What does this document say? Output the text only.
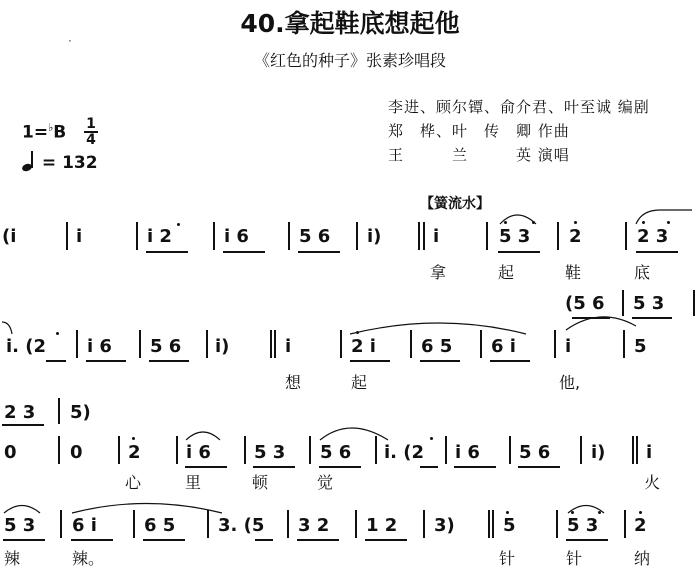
40.拿起鞋底想起他
《红色的种子》张素珍唱段
·
李进、顾尔镡、俞介君、叶至诚 编剧
郑　桦、叶　传　卿 作曲
王　　　兰　　　英 演唱
$1=^♭B \frac{1}{4}$
= 132
【簧流水】
(i	i	i 2	i 6	5 6 i)	i	5 3 2	2 3
拿	起	鞋	底
(5 6 5 3
i. (2 i 6 5 6 i)	i	2 i	6 5 6 i	i	5
想	起	他,
2 3 5)
0	0	2	i 6 5 3 5 6 i. (2 i 6 5 6 i) i
心	里	顿	觉	火
5 3 6 i	6 5 3. (5 3 2 1 2 3)	5	5 3 2
辣	辣。	针	针	纳
